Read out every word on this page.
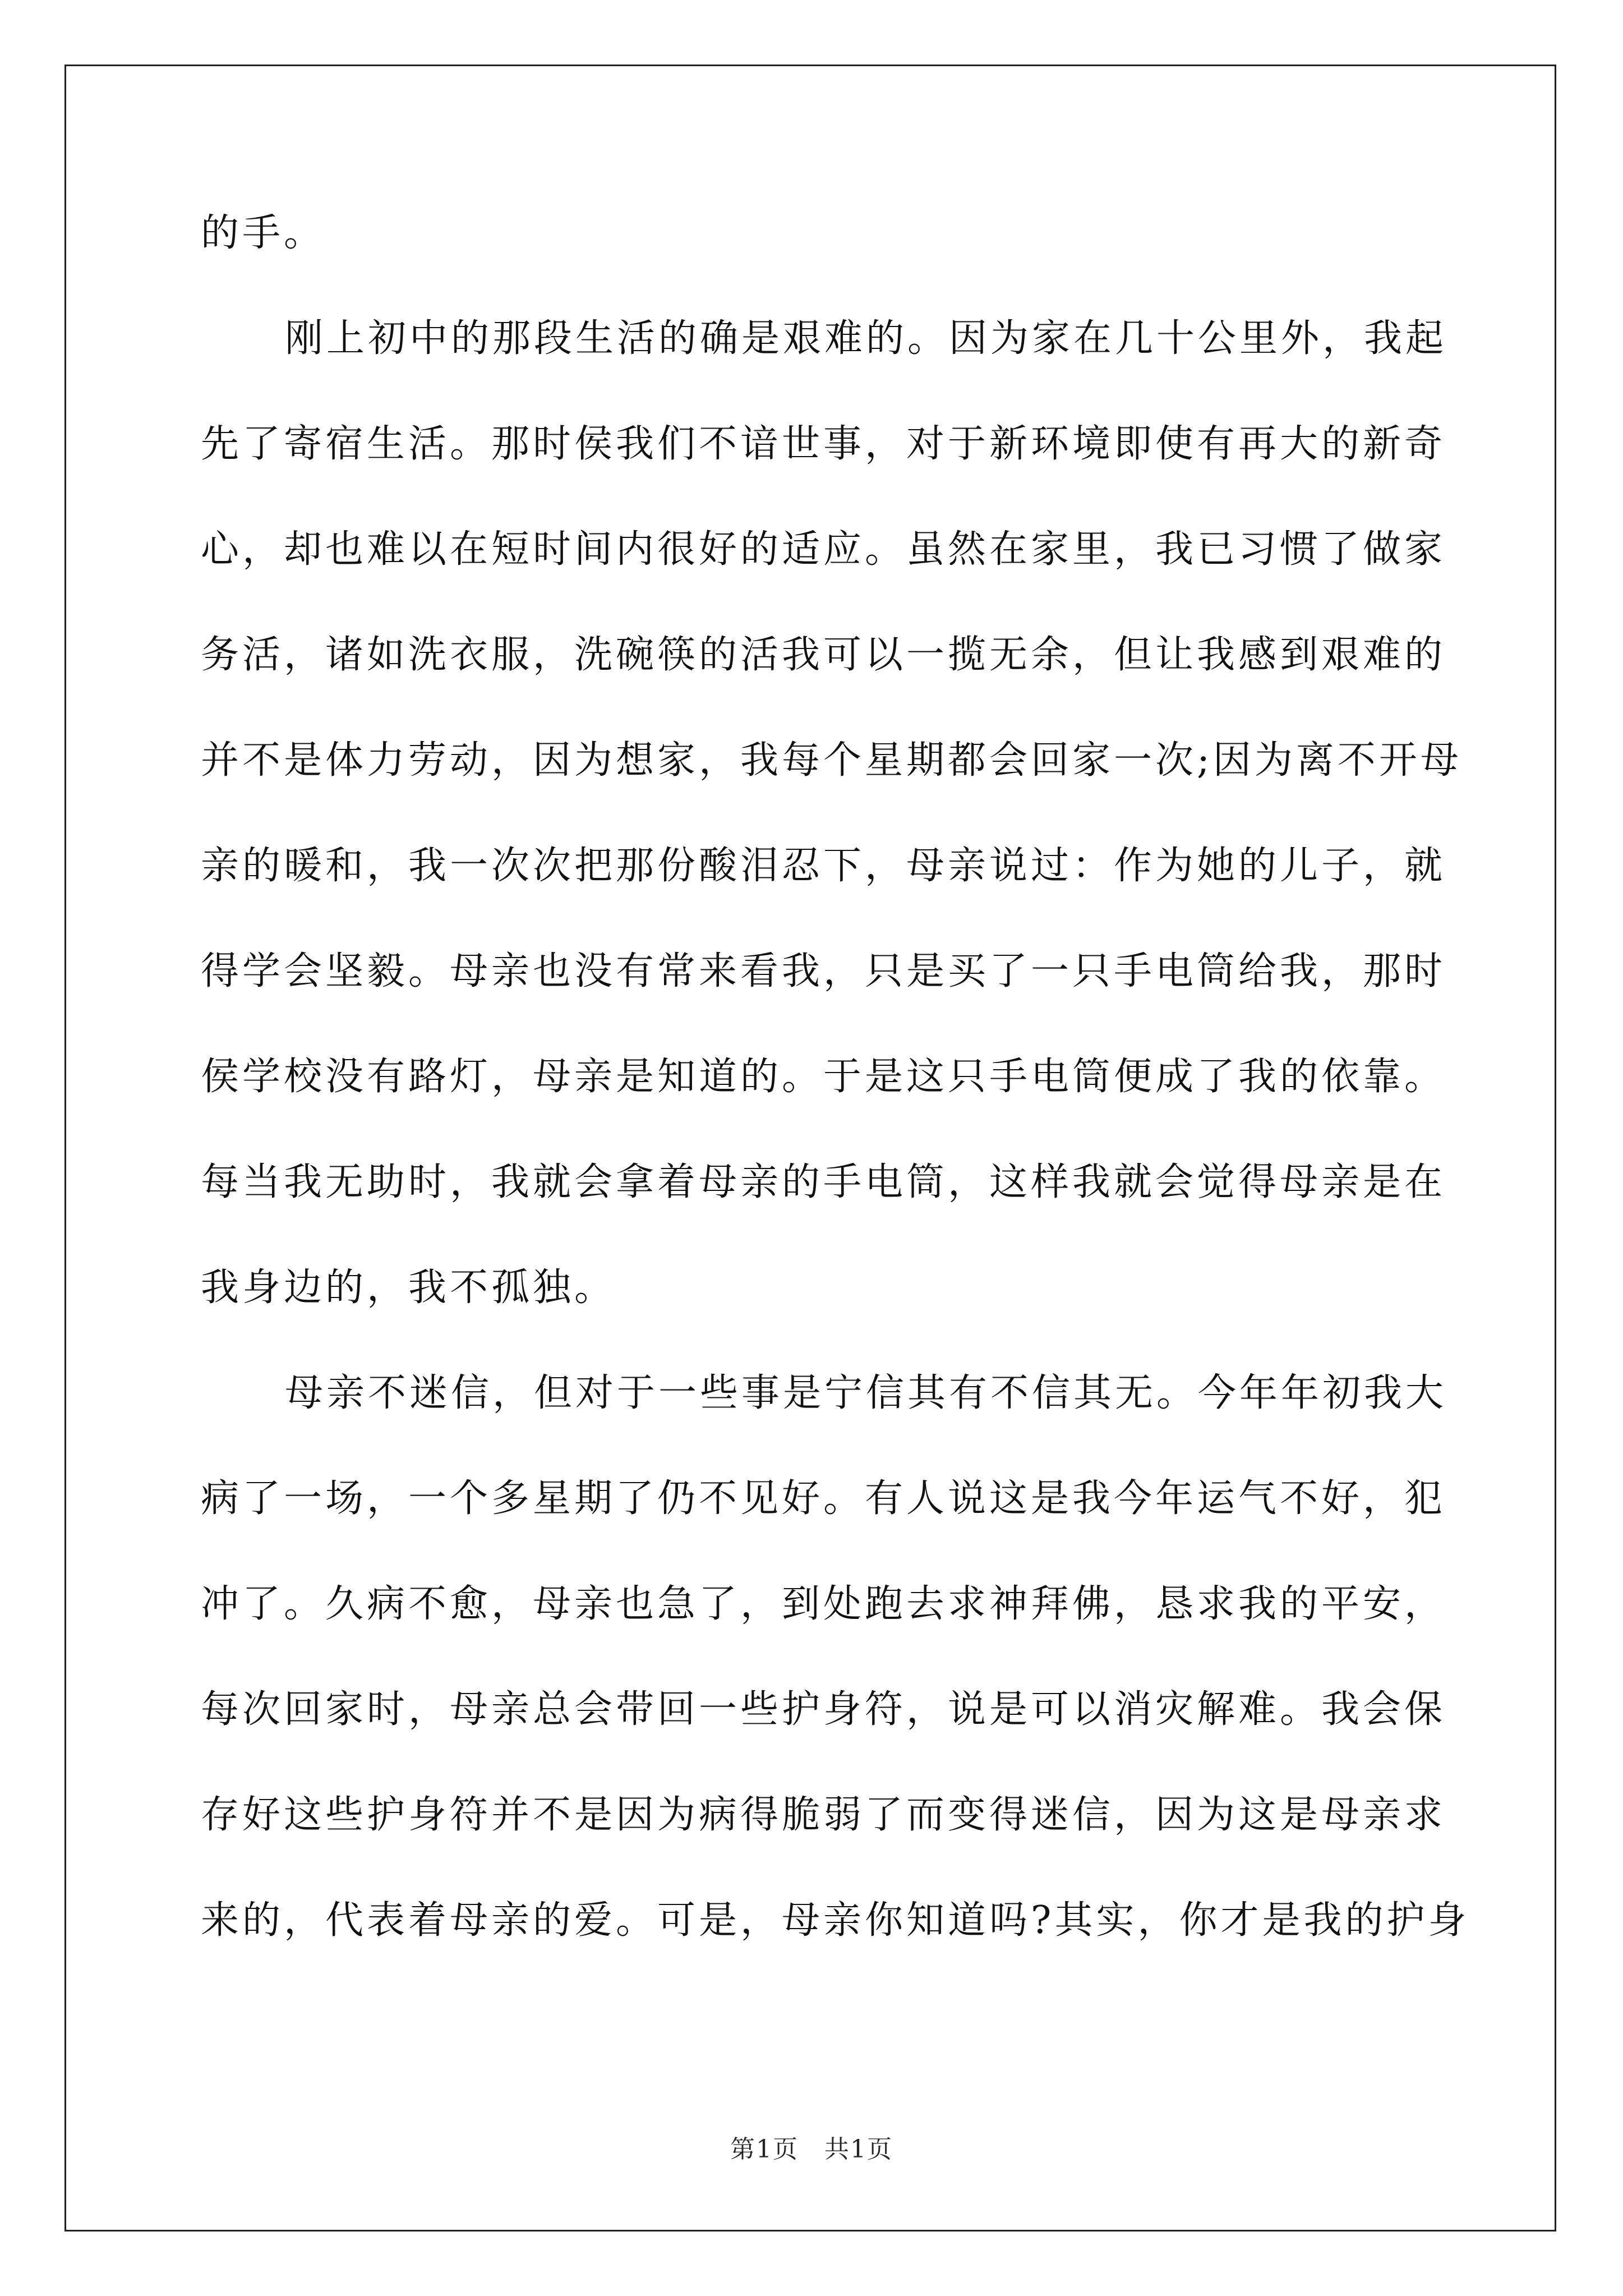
的手。
刚上初中的那段生活的确是艰难的。因为家在几十公里外，我起
先了寄宿生活。那时侯我们不谙世事，对于新环境即使有再大的新奇
心，却也难以在短时间内很好的适应。虽然在家里，我已习惯了做家
务活，诸如洗衣服，洗碗筷的活我可以一揽无余，但让我感到艰难的
并不是体力劳动，因为想家，我每个星期都会回家一次;因为离不开母
亲的暖和，我一次次把那份酸泪忍下，母亲说过：作为她的儿子，就
得学会坚毅。母亲也没有常来看我，只是买了一只手电筒给我，那时
侯学校没有路灯，母亲是知道的。于是这只手电筒便成了我的依靠。
每当我无助时，我就会拿着母亲的手电筒，这样我就会觉得母亲是在
我身边的，我不孤独。
母亲不迷信，但对于一些事是宁信其有不信其无。今年年初我大
病了一场，一个多星期了仍不见好。有人说这是我今年运气不好，犯
冲了。久病不愈，母亲也急了，到处跑去求神拜佛，恳求我的平安，
每次回家时，母亲总会带回一些护身符，说是可以消灾解难。我会保
存好这些护身符并不是因为病得脆弱了而变得迷信，因为这是母亲求
来的，代表着母亲的爱。可是，母亲你知道吗?其实，你才是我的护身
第1页　共1页
